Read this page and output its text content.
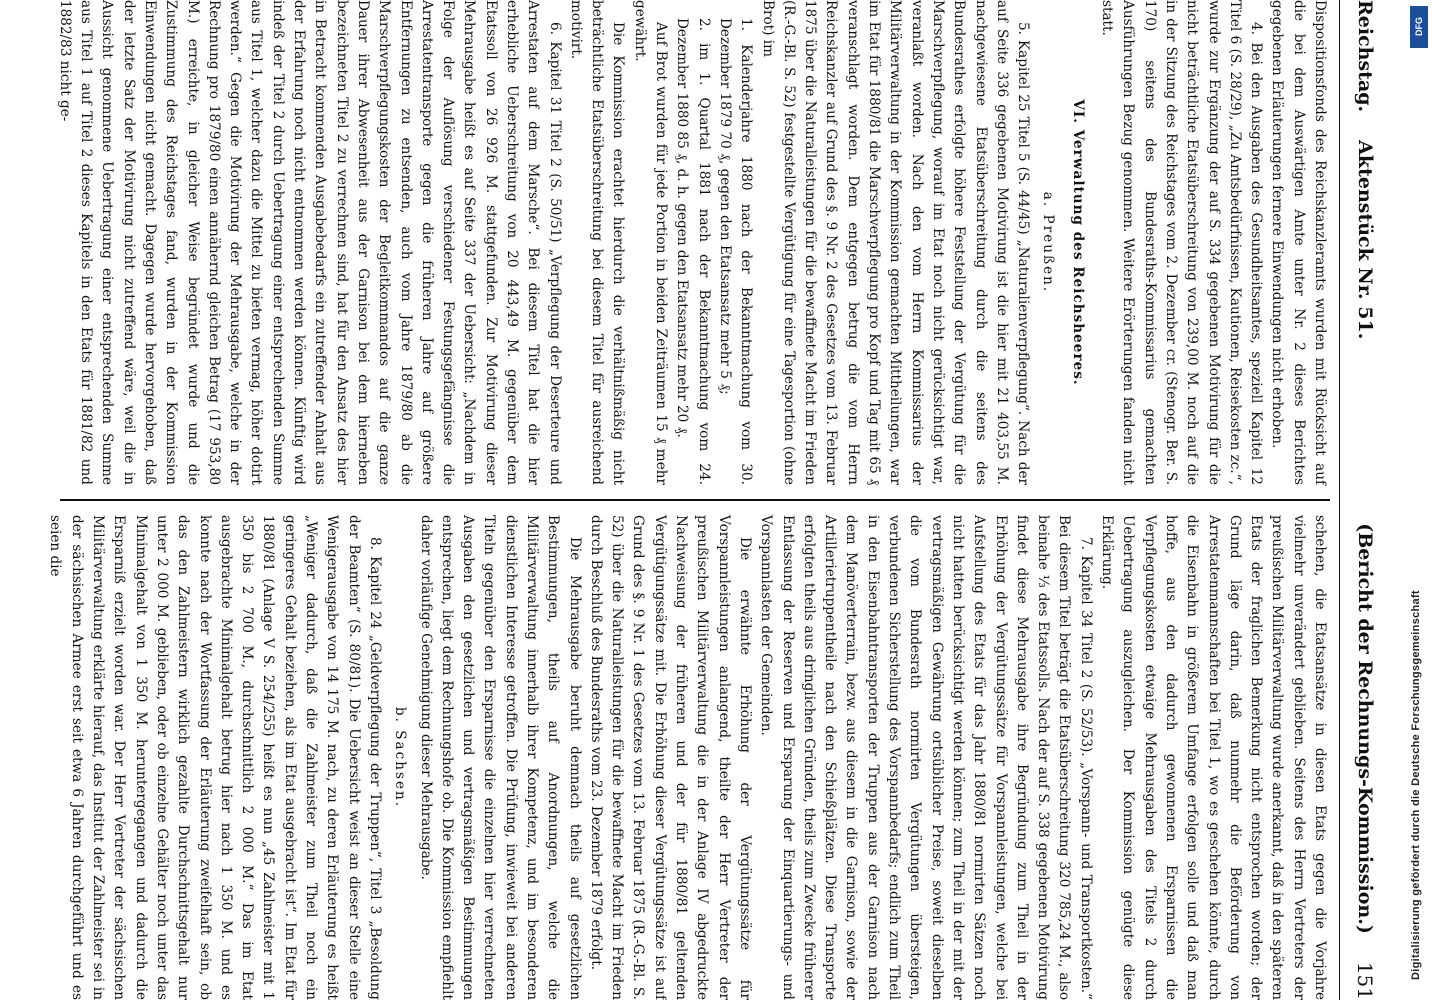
Reichstag.
Aktenstück Nr. 51.
(Bericht der Rechnungs-Kommission.)
151

Dispositionsfonds des Reichskanzleramts wurden mit Rücksicht auf die bei dem Auswärtigen Amte unter Nr. 2 dieses Berichtes gegebenen Erläuterungen fernere Einwendungen nicht erhoben.

4. Bei den Ausgaben des Gesundheitsamtes, speziell Kapitel 12 Titel 6 (S. 28/29), „Zu Amtsbedürfnissen, Kautionen, Reisekosten zc.“, wurde zur Ergänzung der auf S. 334 gegebenen Motivirung für die nicht beträchtliche Etatsüberschreitung von 239,00 M. noch auf die in der Sitzung des Reichstages vom 2. Dezember cr. (Stenogr. Ber. S. 170) seitens des Bundesraths-Kommissarius gemachten Ausführungen Bezug genommen. Weitere Erörterungen fanden nicht statt.

VI. Verwaltung des Reichsheeres.

a. Preußen.

5. Kapitel 25 Titel 5 (S. 44/45) „Naturalienverpflegung“. Nach der auf Seite 336 gegebenen Motivirung ist die hier mit 21 403,55 M. nachgewiesene Etatsüberschreitung durch die seitens des Bundesrathes erfolgte höhere Feststellung der Vergütung für die Marschverpflegung, worauf im Etat noch nicht gerücksichtigt war, veranlaßt worden. Nach den vom Herrn Kommissarius der Militärverwaltung in der Kommission gemachten Mittheilungen, war im Etat für 1880/81 die Marschverpflegung pro Kopf und Tag mit 65 ₰ veranschlagt worden. Dem entgegen betrug die vom Herrn Reichskanzler auf Grund des §. 9 Nr. 2 des Gesetzes vom 13. Februar 1875 über die Naturalleistungen für die bewaffnete Macht im Frieden (R.-G.-Bl. S. 52) festgestellte Vergütigung für eine Tagesportion (ohne Brot) im

1. Kalenderjahre 1880 nach der Bekanntmachung vom 30. Dezember 1879 70 ₰, gegen den Etatsansatz mehr 5 ₰;

2. im 1. Quartal 1881 nach der Bekanntmachung vom 24. Dezember 1880 85 ₰, d. h. gegen den Etatsansatz mehr 20 ₰.

Auf Brot wurden für jede Portion in beiden Zeiträumen 15 ₰ mehr gewährt.

Die Kommission erachtet hierdurch die verhältnißmäßig nicht beträchtliche Etatsüberschreitung bei diesem Titel für ausreichend motivirt.

6. Kapitel 31 Titel 2 (S. 50/51) „Verpflegung der Deserteure und Arrestaten auf dem Marsche“. Bei diesem Titel hat die hier erhebliche Ueberschreitung von 20 443,49 M. gegenüber dem Etatssoll von 26 926 M. stattgefunden. Zur Motivirung dieser Mehrausgabe heißt es auf Seite 337 der Uebersicht: „Nachdem in Folge der Auflösung verschiedener Festungsgefängnisse die Arrestatentransporte gegen die früheren Jahre auf größere Entfernungen zu entsenden, auch vom Jahre 1879/80 ab die Marschverpflegungskosten der Begleitkommandos auf die ganze Dauer ihrer Abwesenheit aus der Garnison bei dem hierneben bezeichneten Titel 2 zu verrechnen sind, hat für den Ansatz des hier in Betracht kommenden Ausgabebedarfs ein zutreffender Anhalt aus der Erfahrung noch nicht entnommen werden können. Künftig wird indeß der Titel 2 durch Uebertragung einer entsprechenden Summe aus Titel 1, welcher dazu die Mittel zu bieten vermag, höher dotirt werden.“ Gegen die Motivirung der Mehrausgabe, welche in der Rechnung pro 1879/80 einen annähernd gleichen Betrag (17 953,80 M.) erreichte, in gleicher Weise begründet wurde und die Zustimmung des Reichstages fand, wurden in der Kommission Einwendungen nicht gemacht. Dagegen wurde hervorgehoben, daß der letzte Satz der Motivirung nicht zutreffend wäre, weil die in Aussicht genommene Uebertragung einer entsprechenden Summe aus Titel 1 auf Titel 2 dieses Kapitels in den Etats für 1881/82 und 1882/83 nicht ge-

schehen, die Etatsansätze in diesen Etats gegen die Vorjahre vielmehr unverändert geblieben. Seitens des Herrn Vertreters der preußischen Militärverwaltung wurde anerkannt, daß in den späteren Etats der fraglichen Bemerkung nicht entsprochen worden; der Grund läge darin, daß nunmehr die Beförderung von Arrestatenmannschaften bei Titel 1, wo es geschehen könnte, durch die Eisenbahn in größerem Umfange erfolgen solle und daß man hoffe, aus den dadurch gewonnenen Ersparnissen die Verpflegungskosten etwaige Mehrausgaben des Titels 2 durch Uebertragung auszugleichen. Der Kommission genügte diese Erklärung.

7. Kapitel 34 Titel 2 (S. 52/53). „Vorspann- und Transportkosten.“ Bei diesem Titel beträgt die Etatsüberschreitung 320 785,24 M., also beinahe ⅓ des Etatssolls. Nach der auf S. 338 gegebenen Motivirung findet diese Mehrausgabe ihre Begründung zum Theil in der Erhöhung der Vergütungssätze für Vorspannleistungen, welche bei Aufstellung des Etats für das Jahr 1880/81 normirten Sätzen noch nicht hatten berücksichtigt werden können; zum Theil in der mit der vertragsmäßigen Gewährung ortsüblicher Preise, soweit dieselben die vom Bundesrath normirten Vergütungen übersteigen, verbundenen Sicherstellung des Vorspannbedarfs; endlich zum Theil in den Eisenbahntransporten der Truppen aus der Garnison nach dem Manöverterrain, bezw. aus diesem in die Garnison, sowie der Artillerietruppentheile nach den Schießplätzen. Diese Transporte erfolgten theils aus dringlichen Gründen, theils zum Zwecke früherer Entlassung der Reserven und Ersparung der Einquartierungs- und Vorspannlasten der Gemeinden.

Die erwähnte Erhöhung der Vergütungssätze für Vorspannleistungen anlangend, theilte der Herr Vertreter der preußischen Militärverwaltung die in der Anlage IV abgedruckte Nachweisung der früheren und der für 1880/81 geltenden Vergütigungssätze mit. Die Erhöhung dieser Vergütungssätze ist auf Grund des §. 9 Nr. 1 des Gesetzes vom 13. Februar 1875 (R.-G.-Bl. S. 52) über die Naturalleistungen für die bewaffnete Macht im Frieden durch Beschluß des Bundesraths vom 23. Dezember 1879 erfolgt.

Die Mehrausgabe beruht demnach theils auf gesetzlichen Bestimmungen, theils auf Anordnungen, welche die Militärverwaltung innerhalb ihrer Kompetenz, und im besonderen dienstlichen Interesse getroffen. Die Prüfung, inwieweit bei anderen Titeln gegenüber den Ersparnisse die einzelnen hier verrechneten Ausgaben den gesetzlichen und vertragsmäßigen Bestimmungen entsprechen, liegt dem Rechnungshofe ob. Die Kommission empfiehlt daher vorläufige Genehmigung dieser Mehrausgabe.

b. Sachsen.

8. Kapitel 24 „Geldverpflegung der Truppen“, Titel 3 „Besoldung der Beamten“ (S. 80/81). Die Uebersicht weist an dieser Stelle eine Wenigerausgabe von 14 175 M. nach, zu deren Erläuterung es heißt „Weniger dadurch, daß die Zahlmeister zum Theil noch ein geringeres Gehalt beziehen, als im Etat ausgebracht ist“. Im Etat für 1880/81 (Anlage V S. 254/255) heißt es nun „45 Zahlmeister mit 1 350 bis 2 700 M., durchschnittlich 2 000 M.“ Das im Etat ausgebrachte Minimalgehalt betrug hier nach 1 350 M. und es konnte nach der Wortfassung der Erläuterung zweifelhaft sein, ob das den Zahlmeistern wirklich gezahlte Durchschnittsgehalt nur unter 2 000 M. geblieben, oder ob einzelne Gehälter noch unter das Minimalgehalt von 1 350 M. heruntergegangen und dadurch die Ersparniß erzielt worden war. Der Herr Vertreter der sächsischen Militärverwaltung erklärte hierauf, das Institut der Zahlmeister sei in der sächsischen Armee erst seit etwa 6 Jahren durchgeführt und es seien die

DFG
Digitalisierung gefördert durch die Deutsche Forschungsgemeinschaft
